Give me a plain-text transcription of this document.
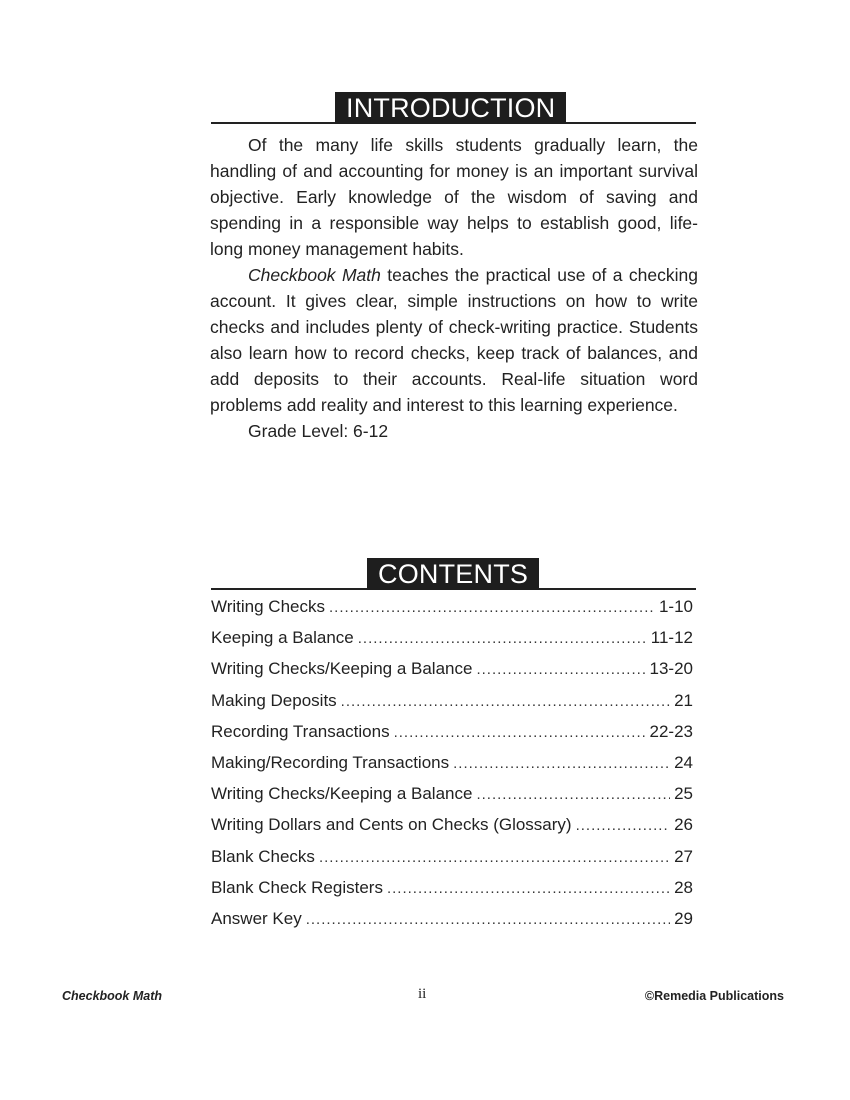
INTRODUCTION

Of the many life skills students gradually learn, the handling of and accounting for money is an important survival objective. Early knowledge of the wisdom of saving and spending in a responsible way helps to establish good, life-long money management habits.

Checkbook Math teaches the practical use of a checking account. It gives clear, simple instructions on how to write checks and includes plenty of check-writing practice. Students also learn how to record checks, keep track of balances, and add deposits to their accounts. Real-life situation word problems add reality and interest to this learning experience.

Grade Level: 6-12

CONTENTS
Writing Checks .....	1-10
Keeping a Balance .....	11-12
Writing Checks/Keeping a Balance .....	13-20
Making Deposits .....	21
Recording Transactions .....	22-23
Making/Recording Transactions .....	24
Writing Checks/Keeping a Balance .....	25
Writing Dollars and Cents on Checks (Glossary) .....	26
Blank Checks .....	27
Blank Check Registers .....	28
Answer Key .....	29
Checkbook Math	ii	©Remedia Publications
